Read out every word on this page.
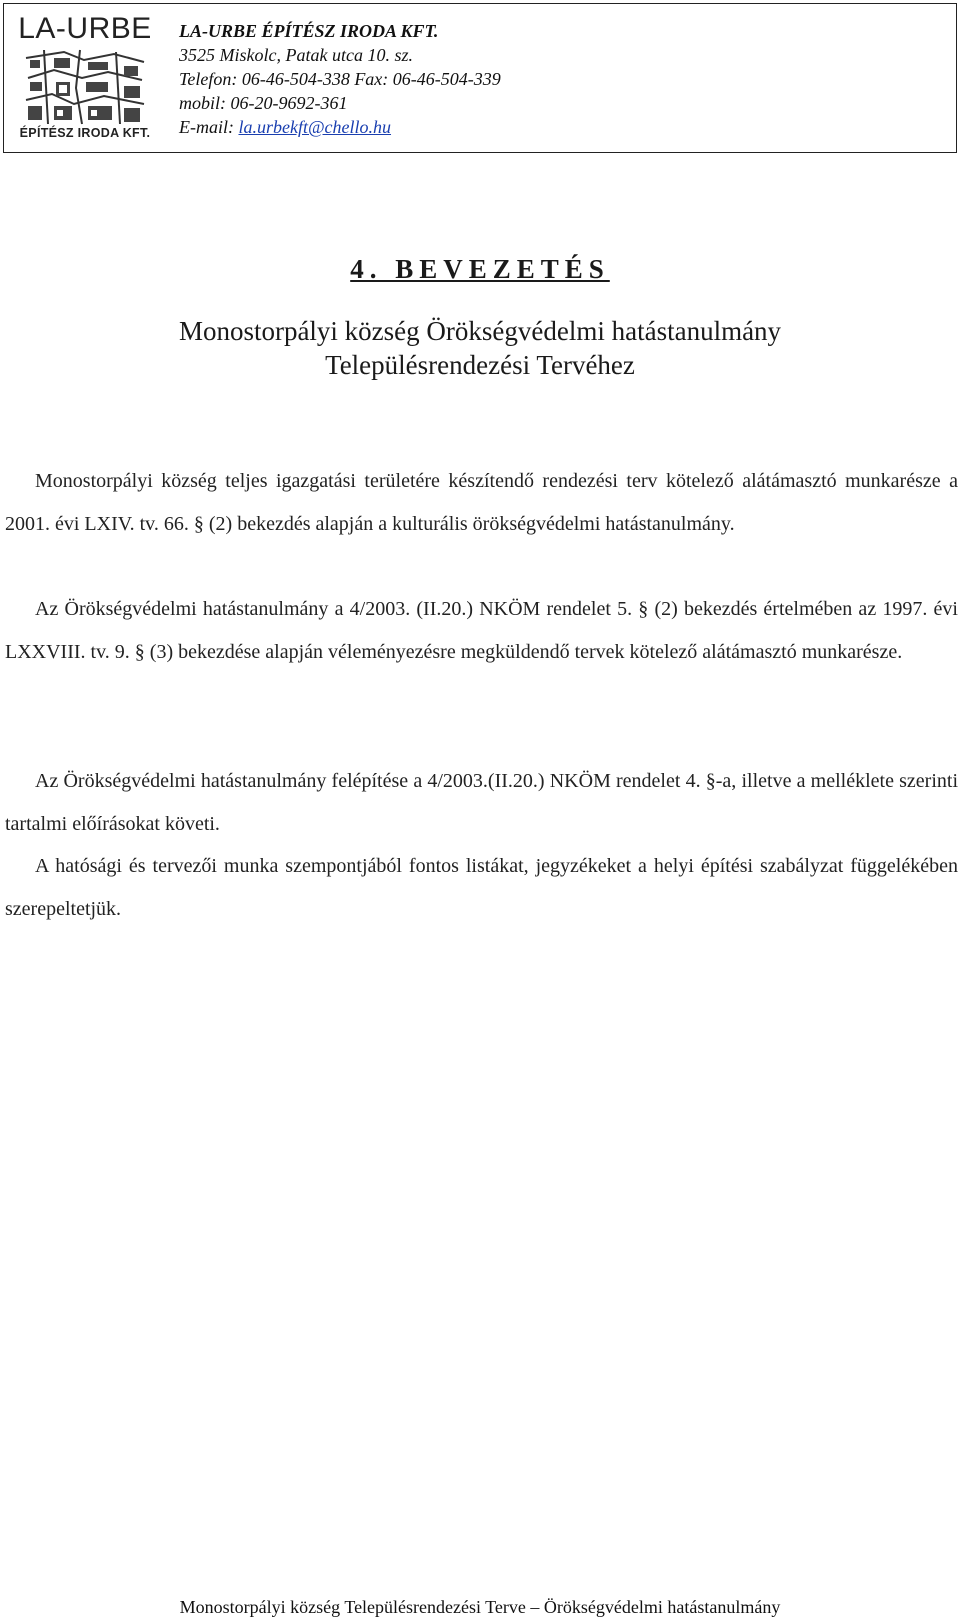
LA-URBE
ÉPÍTÉSZ IRODA KFT.
LA-URBE ÉPÍTÉSZ IRODA KFT.
3525 Miskolc, Patak utca 10. sz.
Telefon: 06-46-504-338 Fax: 06-46-504-339
mobil: 06-20-9692-361
E-mail: la.urbekft@chello.hu
4. BEVEZETÉS
Monostorpályi község Örökségvédelmi hatástanulmány
Településrendezési Tervéhez

Monostorpályi község teljes igazgatási területére készítendő rendezési terv kötelező alátámasztó munkarésze a 2001. évi LXIV. tv. 66. § (2) bekezdés alapján a kulturális örökségvédelmi hatástanulmány.

Az Örökségvédelmi hatástanulmány a 4/2003. (II.20.) NKÖM rendelet 5. § (2) bekezdés értelmében az 1997. évi LXXVIII. tv. 9. § (3) bekezdése alapján véleményezésre megküldendő tervek kötelező alátámasztó munkarésze.

Az Örökségvédelmi hatástanulmány felépítése a 4/2003.(II.20.) NKÖM rendelet 4. §-a, illetve a melléklete szerinti tartalmi előírásokat követi.

A hatósági és tervezői munka szempontjából fontos listákat, jegyzékeket a helyi építési szabályzat függelékében szerepeltetjük.

Monostorpályi község Településrendezési Terve – Örökségvédelmi hatástanulmány
